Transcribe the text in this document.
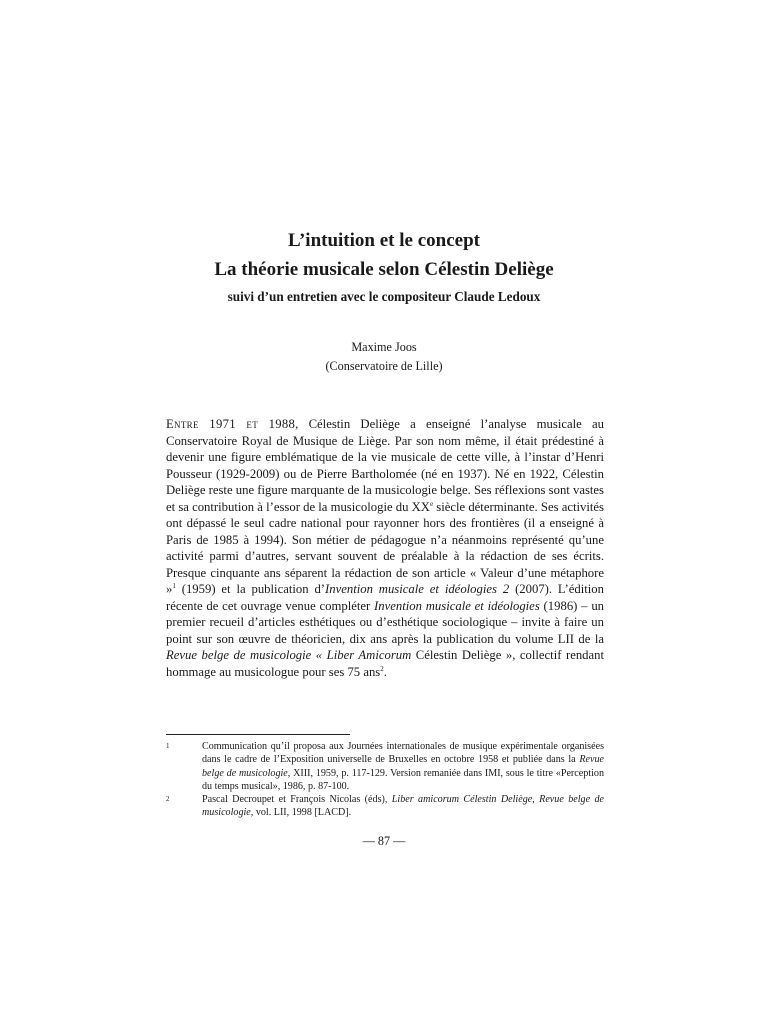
L’intuition et le concept
La théorie musicale selon Célestin Deliège
suivi d’un entretien avec le compositeur Claude Ledoux
Maxime Joos
(Conservatoire de Lille)
Entre 1971 et 1988, Célestin Deliège a enseigné l’analyse musicale au Conservatoire Royal de Musique de Liège. Par son nom même, il était prédestiné à devenir une figure emblématique de la vie musicale de cette ville, à l’instar d’Henri Pousseur (1929-2009) ou de Pierre Bartholomée (né en 1937). Né en 1922, Célestin Deliège reste une figure marquante de la musicologie belge. Ses réflexions sont vastes et sa contribution à l’essor de la musicologie du XXe siècle déterminante. Ses activités ont dépassé le seul cadre national pour rayonner hors des frontières (il a enseigné à Paris de 1985 à 1994). Son métier de pédagogue n’a néanmoins représenté qu’une activité parmi d’autres, servant souvent de préalable à la rédaction de ses écrits. Presque cinquante ans séparent la rédaction de son article « Valeur d’une métaphore »$^1$ (1959) et la publication d’Invention musicale et idéologies 2 (2007). L’édition récente de cet ouvrage venue compléter Invention musicale et idéologies (1986) – un premier recueil d’articles esthétiques ou d’esthétique sociologique – invite à faire un point sur son œuvre de théoricien, dix ans après la publication du volume LII de la Revue belge de musicologie « Liber Amicorum Célestin Deliège », collectif rendant hommage au musicologue pour ses 75 ans$^2$.
1	Communication qu’il proposa aux Journées internationales de musique expérimentale organisées dans le cadre de l’Exposition universelle de Bruxelles en octobre 1958 et publiée dans la Revue belge de musicologie, XIII, 1959, p. 117-129. Version remaniée dans IMI, sous le titre «Perception du temps musical», 1986, p. 87-100.
2	Pascal Decroupet et François Nicolas (éds), Liber amicorum Célestin Deliège, Revue belge de musicologie, vol. LII, 1998 [LACD].
— 87 —
